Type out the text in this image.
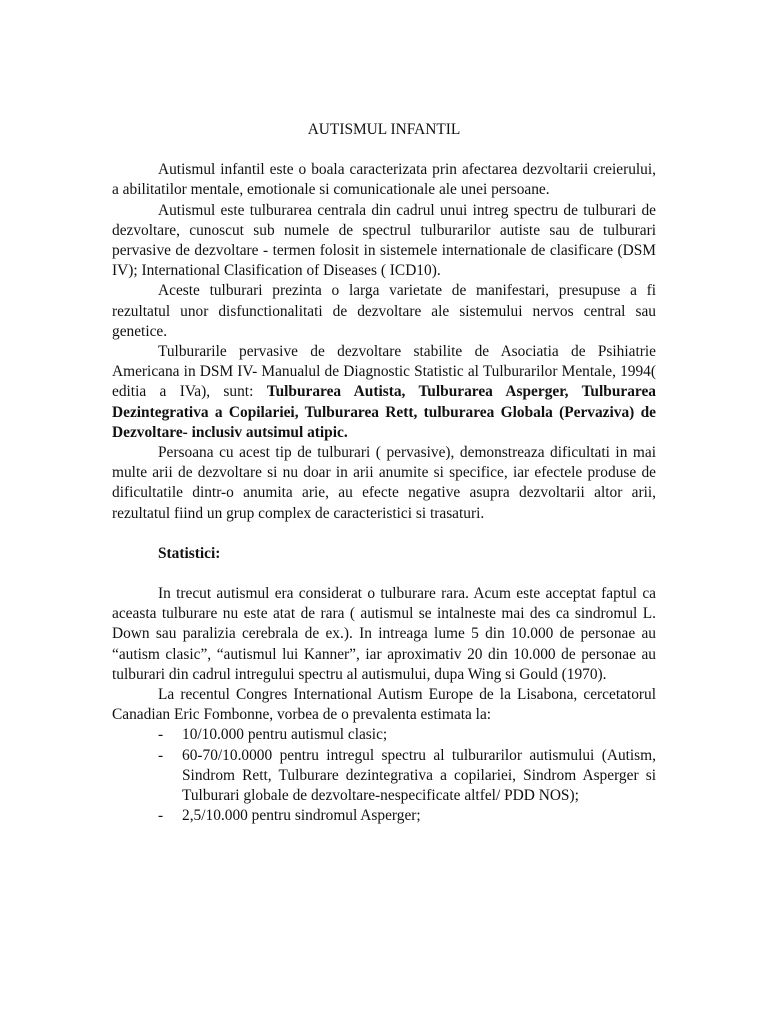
AUTISMUL INFANTIL

Autismul infantil este o boala caracterizata prin afectarea dezvoltarii creierului, a abilitatilor mentale, emotionale si comunicationale ale unei persoane.

Autismul este tulburarea centrala din cadrul unui intreg spectru de tulburari de dezvoltare, cunoscut sub numele de spectrul tulburarilor autiste sau de tulburari pervasive de dezvoltare - termen folosit in sistemele internationale de clasificare (DSM IV); International Clasification of Diseases ( ICD10).

Aceste tulburari prezinta o larga varietate de manifestari, presupuse a fi rezultatul unor disfunctionalitati de dezvoltare ale sistemului nervos central sau genetice.

Tulburarile pervasive de dezvoltare stabilite de Asociatia de Psihiatrie Americana in DSM IV- Manualul de Diagnostic Statistic al Tulburarilor Mentale, 1994( editia a IVa), sunt: Tulburarea Autista, Tulburarea Asperger, Tulburarea Dezintegrativa a Copilariei, Tulburarea Rett, tulburarea Globala (Pervaziva) de Dezvoltare- inclusiv autsimul atipic.

Persoana cu acest tip de tulburari ( pervasive), demonstreaza dificultati in mai multe arii de dezvoltare si nu doar in arii anumite si specifice, iar efectele produse de dificultatile dintr-o anumita arie, au efecte negative asupra dezvoltarii altor arii, rezultatul fiind un grup complex de caracteristici si trasaturi.

Statistici:

In trecut autismul era considerat o tulburare rara. Acum este acceptat faptul ca aceasta tulburare nu este atat de rara ( autismul se intalneste mai des ca sindromul L. Down sau paralizia cerebrala de ex.). In intreaga lume 5 din 10.000 de personae au “autism clasic”, “autismul lui Kanner”, iar aproximativ 20 din 10.000 de personae au tulburari din cadrul intregului spectru al autismului, dupa Wing si Gould (1970).

La recentul Congres International Autism Europe de la Lisabona, cercetatorul Canadian Eric Fombonne, vorbea de o prevalenta estimata la:

- 10/10.000 pentru autismul clasic;
- 60-70/10.0000 pentru intregul spectru al tulburarilor autismului (Autism, Sindrom Rett, Tulburare dezintegrativa a copilariei, Sindrom Asperger si Tulburari globale de dezvoltare-nespecificate altfel/ PDD NOS);
- 2,5/10.000 pentru sindromul Asperger;
